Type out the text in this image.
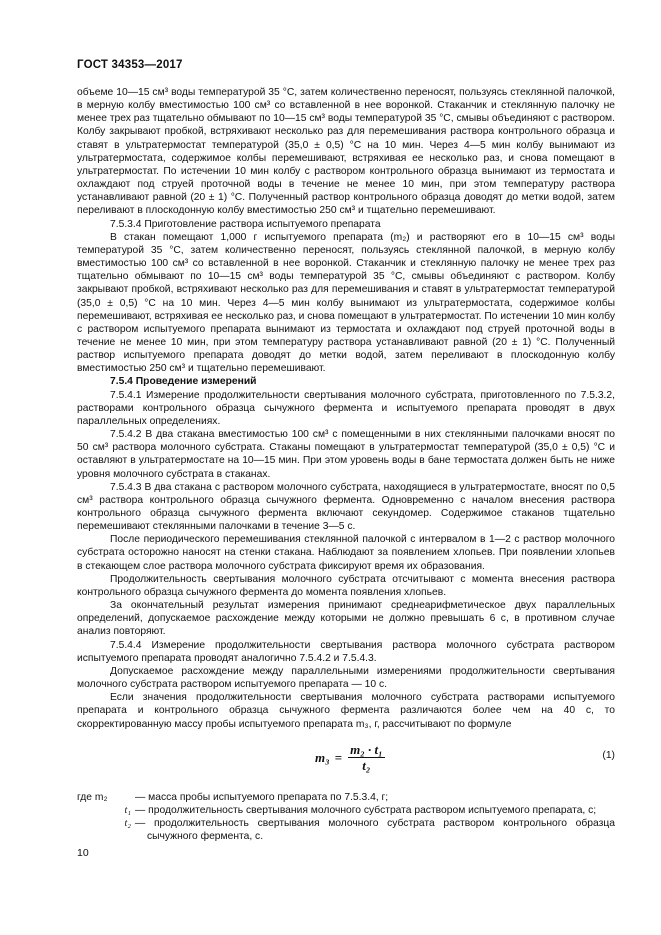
ГОСТ 34353—2017

объеме 10—15 см³ воды температурой 35 °С, затем количественно переносят, пользуясь стеклянной палочкой, в мерную колбу вместимостью 100 см³ со вставленной в нее воронкой. Стаканчик и стеклянную палочку не менее трех раз тщательно обмывают по 10—15 см³ воды температурой 35 °С, смывы объединяют с раствором. Колбу закрывают пробкой, встряхивают несколько раз для перемешивания раствора контрольного образца и ставят в ультратермостат температурой (35,0 ± 0,5) °С на 10 мин. Через 4—5 мин колбу вынимают из ультратермостата, содержимое колбы перемешивают, встряхивая ее несколько раз, и снова помещают в ультратермостат. По истечении 10 мин колбу с раствором контрольного образца вынимают из термостата и охлаждают под струей проточной воды в течение не менее 10 мин, при этом температуру раствора устанавливают равной (20 ± 1) °С. Полученный раствор контрольного образца доводят до метки водой, затем переливают в плоскодонную колбу вместимостью 250 см³ и тщательно перемешивают.

7.5.3.4 Приготовление раствора испытуемого препарата

В стакан помещают 1,000 г испытуемого препарата (m₂) и растворяют его в 10—15 см³ воды температурой 35 °С, затем количественно переносят, пользуясь стеклянной палочкой, в мерную колбу вместимостью 100 см³ со вставленной в нее воронкой. Стаканчик и стеклянную палочку не менее трех раз тщательно обмывают по 10—15 см³ воды температурой 35 °С, смывы объединяют с раствором. Колбу закрывают пробкой, встряхивают несколько раз для перемешивания и ставят в ультратермостат температурой (35,0 ± 0,5) °С на 10 мин. Через 4—5 мин колбу вынимают из ультратермостата, содержимое колбы перемешивают, встряхивая ее несколько раз, и снова помещают в ультратермостат. По истечении 10 мин колбу с раствором испытуемого препарата вынимают из термостата и охлаждают под струей проточной воды в течение не менее 10 мин, при этом температуру раствора устанавливают равной (20 ± 1) °С. Полученный раствор испытуемого препарата доводят до метки водой, затем переливают в плоскодонную колбу вместимостью 250 см³ и тщательно перемешивают.

7.5.4 Проведение измерений

7.5.4.1 Измерение продолжительности свертывания молочного субстрата, приготовленного по 7.5.3.2, растворами контрольного образца сычужного фермента и испытуемого препарата проводят в двух параллельных определениях.

7.5.4.2 В два стакана вместимостью 100 см³ с помещенными в них стеклянными палочками вносят по 50 см³ раствора молочного субстрата. Стаканы помещают в ультратермостат температурой (35,0 ± 0,5) °С и оставляют в ультратермостате на 10—15 мин. При этом уровень воды в бане термостата должен быть не ниже уровня молочного субстрата в стаканах.

7.5.4.3 В два стакана с раствором молочного субстрата, находящиеся в ультратермостате, вносят по 0,5 см³ раствора контрольного образца сычужного фермента. Одновременно с началом внесения раствора контрольного образца сычужного фермента включают секундомер. Содержимое стаканов тщательно перемешивают стеклянными палочками в течение 3—5 с.

После периодического перемешивания стеклянной палочкой с интервалом в 1—2 с раствор молочного субстрата осторожно наносят на стенки стакана. Наблюдают за появлением хлопьев. При появлении хлопьев в стекающем слое раствора молочного субстрата фиксируют время их образования.

Продолжительность свертывания молочного субстрата отсчитывают с момента внесения раствора контрольного образца сычужного фермента до момента появления хлопьев.

За окончательный результат измерения принимают среднеарифметическое двух параллельных определений, допускаемое расхождение между которыми не должно превышать 6 с, в противном случае анализ повторяют.

7.5.4.4 Измерение продолжительности свертывания раствора молочного субстрата раствором испытуемого препарата проводят аналогично 7.5.4.2 и 7.5.4.3.

Допускаемое расхождение между параллельными измерениями продолжительности свертывания молочного субстрата раствором испытуемого препарата — 10 с.

Если значения продолжительности свертывания молочного субстрата растворами испытуемого препарата и контрольного образца сычужного фермента различаются более чем на 40 с, то скорректированную массу пробы испытуемого препарата m₃, г, рассчитывают по формуле

$m_3 = \frac{\text{m₂ · t₁}}{\text{t₂}}$	(1)
где m₂	— масса пробы испытуемого препарата по 7.5.3.4, г;
t₁ — продолжительность свертывания молочного субстрата раствором испытуемого препарата, с;
t₂ — продолжительность свертывания молочного субстрата раствором контрольного образца сычужного фермента, с.
10
